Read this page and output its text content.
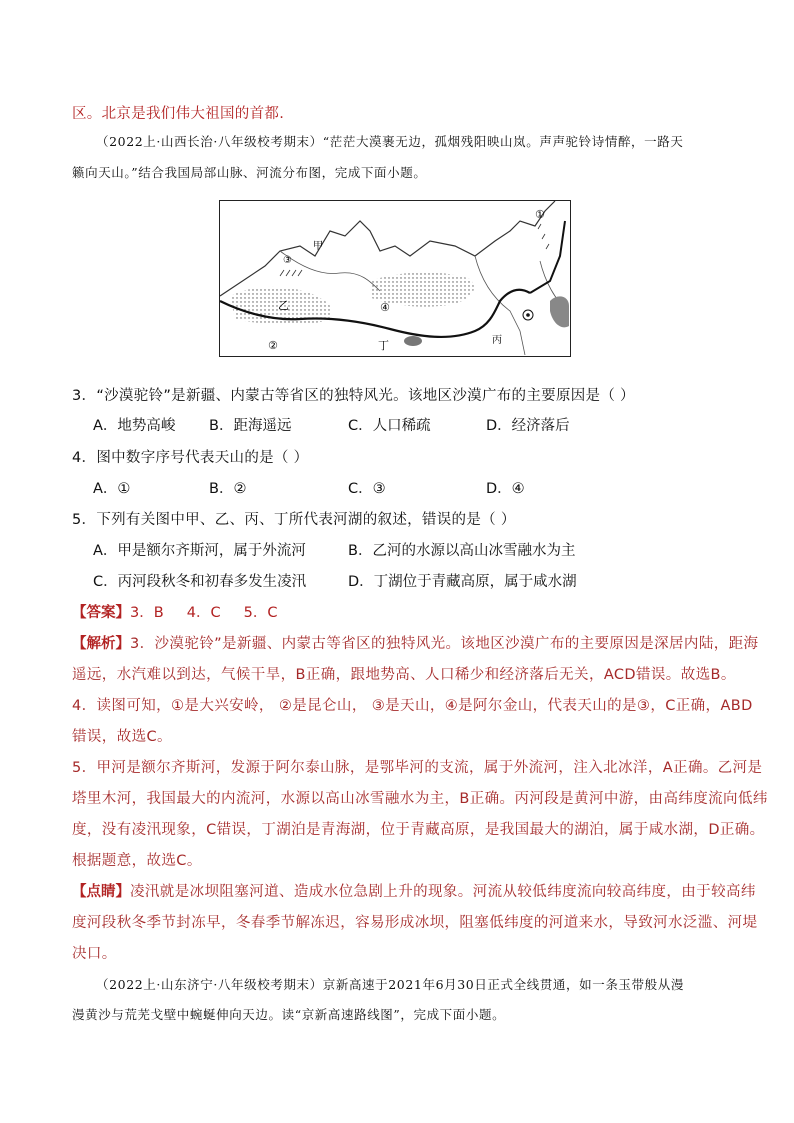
区。北京是我们伟大祖国的首都.
（2022上·山西长治·八年级校考期末）“茫茫大漠裹无边，孤烟残阳映山岚。声声驼铃诗情醉，一路天
籁向天山。”结合我国局部山脉、河流分布图，完成下面小题。
甲
乙
丙
丁
①
②
③
④
3．“沙漠驼铃”是新疆、内蒙古等省区的独特风光。该地区沙漠广布的主要原因是（ ）
A．地势高峻 B．距海遥远	C．人口稀疏	D．经济落后
4．图中数字序号代表天山的是（ ）
A．①	B．②	C．③	D．④
5．下列有关图中甲、乙、丙、丁所代表河湖的叙述，错误的是（ ）
A．甲是额尔齐斯河，属于外流河	B．乙河的水源以高山冰雪融水为主
C．丙河段秋冬和初春多发生凌汛	D．丁湖位于青藏高原，属于咸水湖
【答案】3．B     4．C     5．C
【解析】3．沙漠驼铃”是新疆、内蒙古等省区的独特风光。该地区沙漠广布的主要原因是深居内陆，距海
遥远，水汽难以到达，气候干旱，B正确，跟地势高、人口稀少和经济落后无关，ACD错误。故选B。
4．读图可知，①是大兴安岭， ②是昆仑山， ③是天山，④是阿尔金山，代表天山的是③，C正确，ABD
错误，故选C。
5．甲河是额尔齐斯河，发源于阿尔泰山脉，是鄂毕河的支流，属于外流河，注入北冰洋，A正确。乙河是
塔里木河，我国最大的内流河，水源以高山冰雪融水为主，B正确。丙河段是黄河中游，由高纬度流向低纬
度，没有凌汛现象，C错误，丁湖泊是青海湖，位于青藏高原，是我国最大的湖泊，属于咸水湖，D正确。
根据题意，故选C。
【点睛】凌汛就是冰坝阻塞河道、造成水位急剧上升的现象。河流从较低纬度流向较高纬度，由于较高纬
度河段秋冬季节封冻早，冬春季节解冻迟，容易形成冰坝，阻塞低纬度的河道来水，导致河水泛滥、河堤
决口。
（2022上·山东济宁·八年级校考期末）京新高速于2021年6月30日正式全线贯通，如一条玉带般从漫
漫黄沙与荒芜戈壁中蜿蜒伸向天边。读“京新高速路线图”，完成下面小题。
